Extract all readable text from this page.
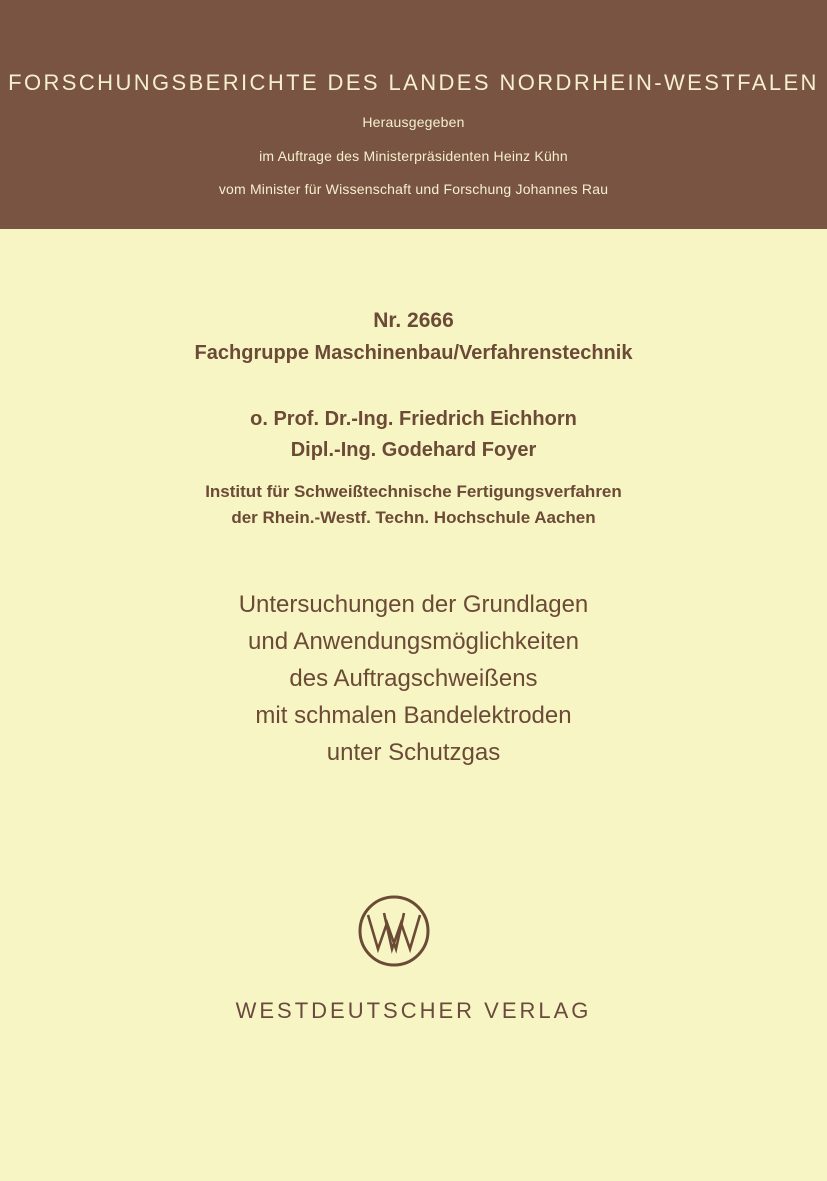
FORSCHUNGSBERICHTE DES LANDES NORDRHEIN-WESTFALEN
Herausgegeben
im Auftrage des Ministerpräsidenten Heinz Kühn
vom Minister für Wissenschaft und Forschung Johannes Rau
Nr. 2666
Fachgruppe Maschinenbau/Verfahrenstechnik
o. Prof. Dr.-Ing. Friedrich Eichhorn
Dipl.-Ing. Godehard Foyer
Institut für Schweißtechnische Fertigungsverfahren
der Rhein.-Westf. Techn. Hochschule Aachen
Untersuchungen der Grundlagen
und Anwendungsmöglichkeiten
des Auftragschweißens
mit schmalen Bandelektroden
unter Schutzgas
WESTDEUTSCHER VERLAG
